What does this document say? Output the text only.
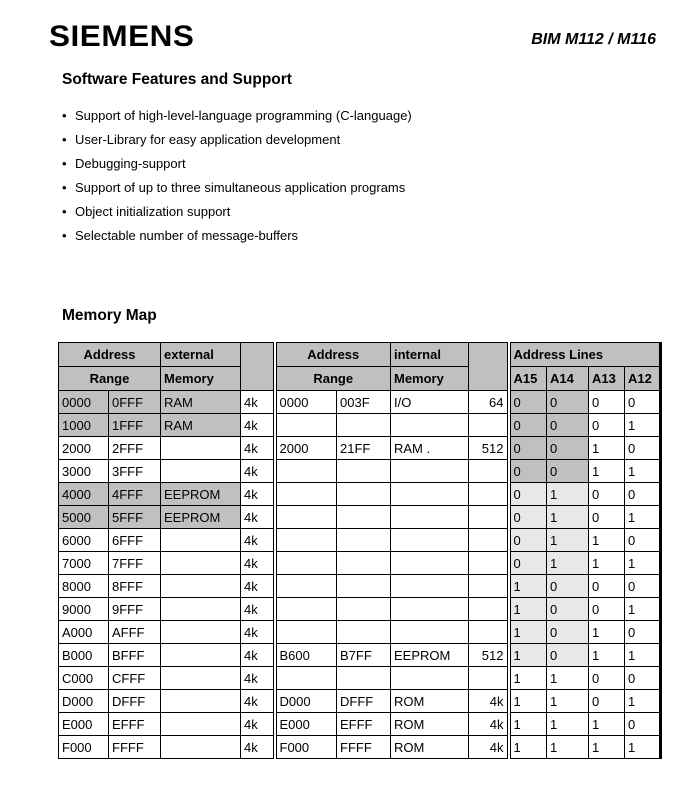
SIEMENS	BIM M112 / M116
Software Features and Support
• Support of high-level-language programming (C-language)
• User-Library for easy application development
• Debugging-support
• Support of up to three simultaneous application programs
• Object initialization support
• Selectable number of message-buffers
Memory Map
Address		external		Address		internal		Address Lines			
Range		Memory		Range		Memory		A15	A14	A13	A12
0000	0FFF	RAM	4k	0000	003F	I/O	64	0	0	0	0
1000	1FFF	RAM	4k					0	0	0	1
2000	2FFF		4k	2000	21FF	RAM .	512	0	0	1	0
3000	3FFF		4k					0	0	1	1
4000	4FFF	EEPROM	4k					0	1	0	0
5000	5FFF	EEPROM	4k					0	1	0	1
6000	6FFF		4k					0	1	1	0
7000	7FFF		4k					0	1	1	1
8000	8FFF		4k					1	0	0	0
9000	9FFF		4k					1	0	0	1
A000	AFFF		4k					1	0	1	0
B000	BFFF		4k	B600	B7FF	EEPROM	512	1	0	1	1
C000	CFFF		4k					1	1	0	0
D000	DFFF		4k	D000	DFFF	ROM	4k	1	1	0	1
E000	EFFF		4k	E000	EFFF	ROM	4k	1	1	1	0
F000	FFFF		4k	F000	FFFF	ROM	4k	1	1	1	1
